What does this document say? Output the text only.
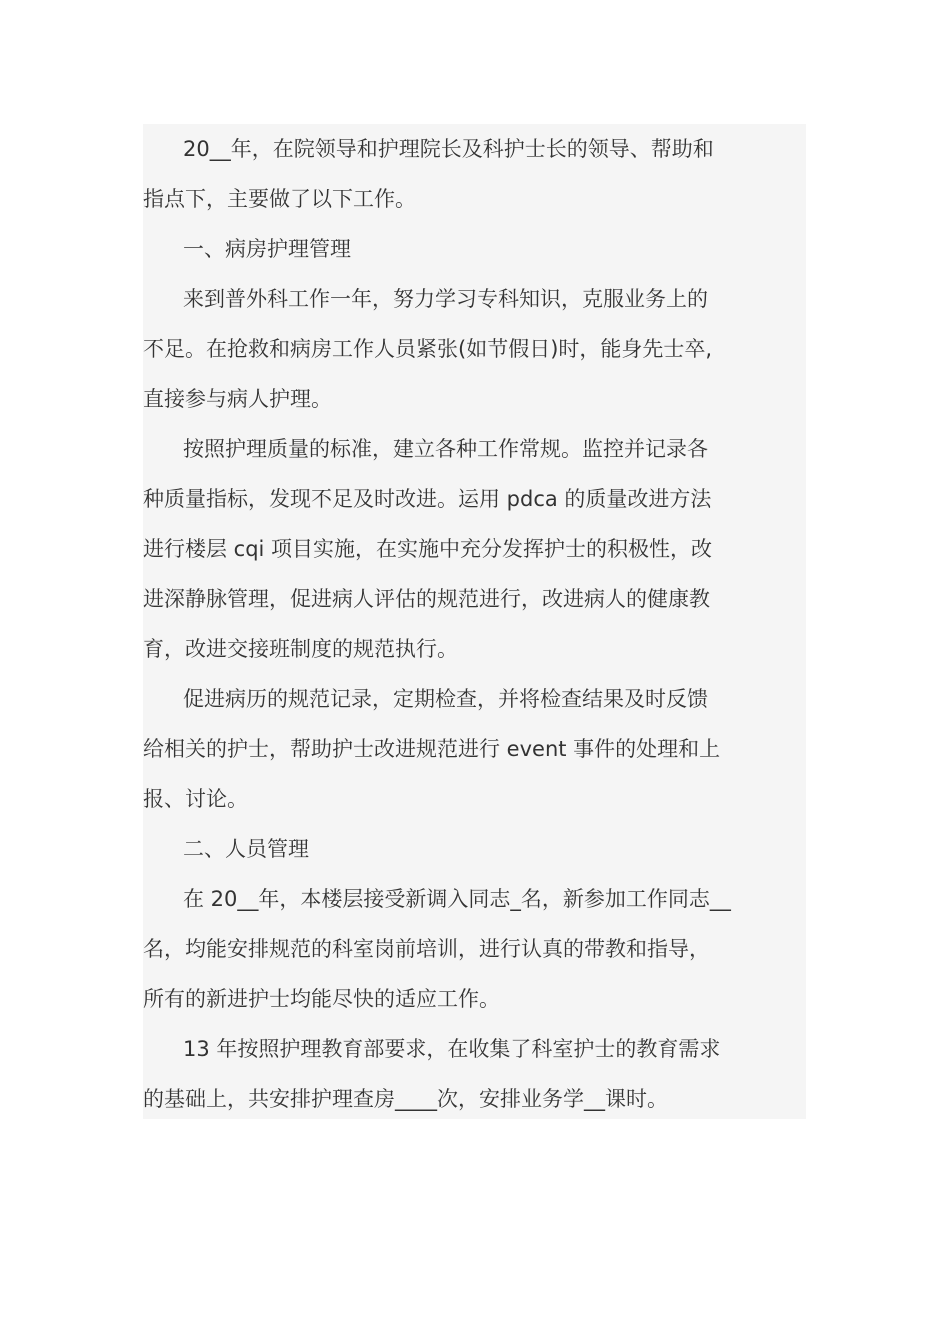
20__年，在院领导和护理院长及科护士长的领导、帮助和
指点下，主要做了以下工作。

一、病房护理管理

来到普外科工作一年，努力学习专科知识，克服业务上的
不足。在抢救和病房工作人员紧张(如节假日)时，能身先士卒,
直接参与病人护理。

按照护理质量的标准，建立各种工作常规。监控并记录各
种质量指标，发现不足及时改进。运用 pdca 的质量改进方法
进行楼层 cqi 项目实施，在实施中充分发挥护士的积极性，改
进深静脉管理，促进病人评估的规范进行，改进病人的健康教
育，改进交接班制度的规范执行。

促进病历的规范记录，定期检查，并将检查结果及时反馈
给相关的护士，帮助护士改进规范进行 event 事件的处理和上
报、讨论。

二、人员管理

在 20__年，本楼层接受新调入同志_名，新参加工作同志__
名，均能安排规范的科室岗前培训，进行认真的带教和指导，
所有的新进护士均能尽快的适应工作。

13 年按照护理教育部要求，在收集了科室护士的教育需求
的基础上，共安排护理查房____次，安排业务学__课时。
